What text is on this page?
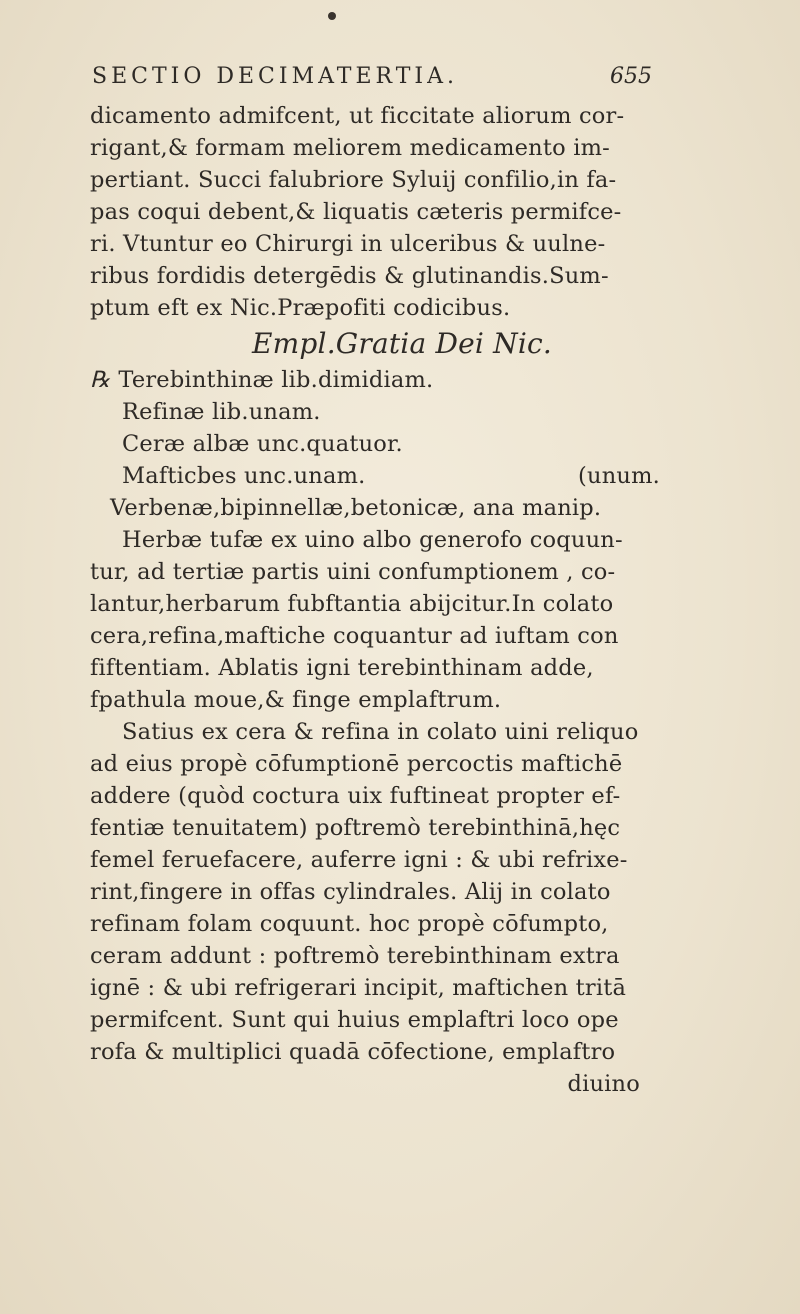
SECTIO DECIMATERTIA.	655
dicamento admifcent, ut ficcitate aliorum cor-
rigant,& formam meliorem medicamento im-
pertiant. Succi falubriore Syluij confilio,in fa-
pas coqui debent,& liquatis cæteris permifce-
ri. Vtuntur eo Chirurgi in ulceribus & uulne-
ribus fordidis detergēdis & glutinandis.Sum-
ptum eft ex Nic.Præpofiti codicibus.
Empl.Gratia Dei Nic.
℞ Terebinthinæ lib.dimidiam.
Refinæ lib.unam.
Ceræ albæ unc.quatuor.
Mafticbes unc.unam.	(unum.
Verbenæ,bipinnellæ,betonicæ, ana manip.
Herbæ tufæ ex uino albo generofo coquun-
tur, ad tertiæ partis uini confumptionem , co-
lantur,herbarum fubftantia abijcitur.In colato
cera,refina,maftiche coquantur ad iuftam con
fiftentiam. Ablatis igni terebinthinam adde,
fpathula moue,& finge emplaftrum.
Satius ex cera & refina in colato uini reliquo
ad eius propè cōfumptionē percoctis maftichē
addere (quòd coctura uix fuftineat propter ef-
fentiæ tenuitatem) poftremò terebinthinā,hęc
femel feruefacere, auferre igni : & ubi refrixe-
rint,fingere in offas cylindrales. Alij in colato
refinam folam coquunt. hoc propè cōfumpto,
ceram addunt : poftremò terebinthinam extra
ignē : & ubi refrigerari incipit, maftichen tritā
permifcent. Sunt qui huius emplaftri loco ope
rofa & multiplici quadā cōfectione, emplaftro
diuino
